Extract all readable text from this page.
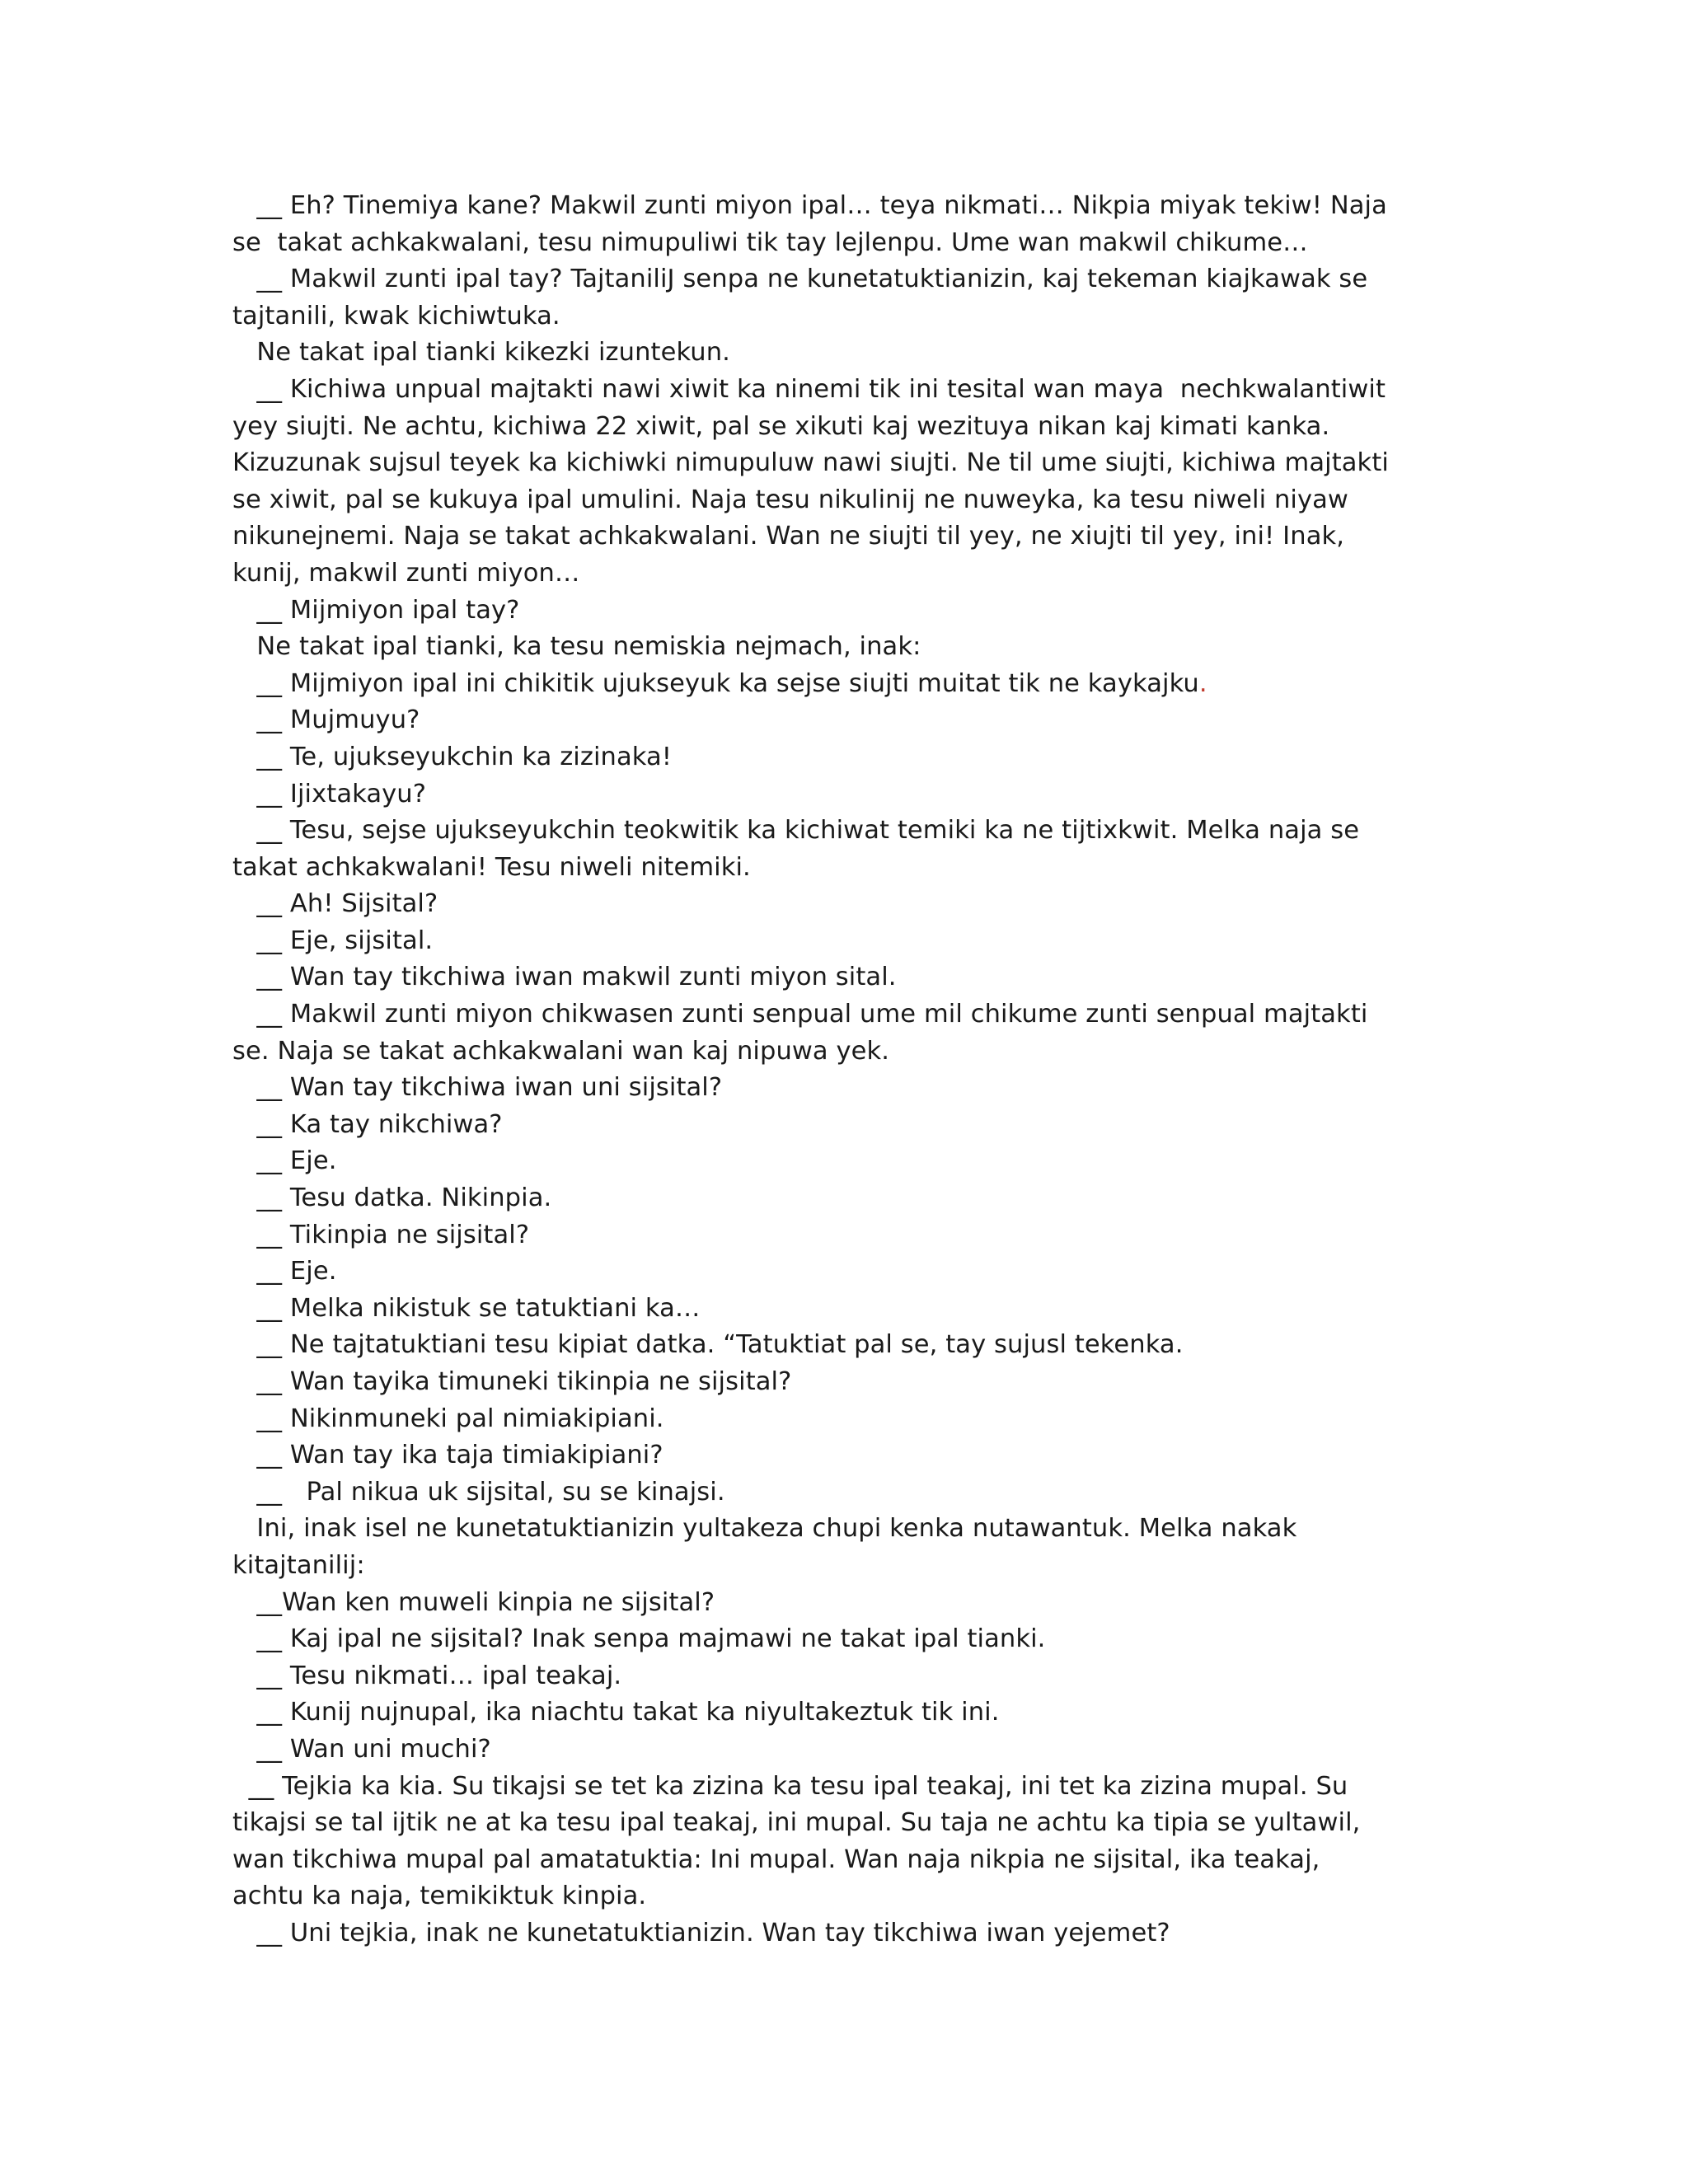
__ Eh? Tinemiya kane? Makwil zunti miyon ipal… teya nikmati… Nikpia miyak tekiw! Naja
se  takat achkakwalani, tesu nimupuliwi tik tay lejlenpu. Ume wan makwil chikume…
__ Makwil zunti ipal tay? TajtaniliJ senpa ne kunetatuktianizin, kaj tekeman kiajkawak se
tajtanili, kwak kichiwtuka.
Ne takat ipal tianki kikezki izuntekun.
__ Kichiwa unpual majtakti nawi xiwit ka ninemi tik ini tesital wan maya  nechkwalantiwit
yey siujti. Ne achtu, kichiwa 22 xiwit, pal se xikuti kaj wezituya nikan kaj kimati kanka.
Kizuzunak sujsul teyek ka kichiwki nimupuluw nawi siujti. Ne til ume siujti, kichiwa majtakti
se xiwit, pal se kukuya ipal umulini. Naja tesu nikulinij ne nuweyka, ka tesu niweli niyaw
nikunejnemi. Naja se takat achkakwalani. Wan ne siujti til yey, ne xiujti til yey, ini! Inak,
kunij, makwil zunti miyon…
__ Mijmiyon ipal tay?
Ne takat ipal tianki, ka tesu nemiskia nejmach, inak:
__ Mijmiyon ipal ini chikitik ujukseyuk ka sejse siujti muitat tik ne kaykajku.
__ Mujmuyu?
__ Te, ujukseyukchin ka zizinaka!
__ Ijixtakayu?
__ Tesu, sejse ujukseyukchin teokwitik ka kichiwat temiki ka ne tijtixkwit. Melka naja se
takat achkakwalani! Tesu niweli nitemiki.
__ Ah! Sijsital?
__ Eje, sijsital.
__ Wan tay tikchiwa iwan makwil zunti miyon sital.
__ Makwil zunti miyon chikwasen zunti senpual ume mil chikume zunti senpual majtakti
se. Naja se takat achkakwalani wan kaj nipuwa yek.
__ Wan tay tikchiwa iwan uni sijsital?
__ Ka tay nikchiwa?
__ Eje.
__ Tesu datka. Nikinpia.
__ Tikinpia ne sijsital?
__ Eje.
__ Melka nikistuk se tatuktiani ka…
__ Ne tajtatuktiani tesu kipiat datka. “Tatuktiat pal se, tay sujusl tekenka.
__ Wan tayika timuneki tikinpia ne sijsital?
__ Nikinmuneki pal nimiakipiani.
__ Wan tay ika taja timiakipiani?
__   Pal nikua uk sijsital, su se kinajsi.
Ini, inak isel ne kunetatuktianizin yultakeza chupi kenka nutawantuk. Melka nakak
kitajtanilij:
__Wan ken muweli kinpia ne sijsital?
__ Kaj ipal ne sijsital? Inak senpa majmawi ne takat ipal tianki.
__ Tesu nikmati… ipal teakaj.
__ Kunij nujnupal, ika niachtu takat ka niyultakeztuk tik ini.
__ Wan uni muchi?
__ Tejkia ka kia. Su tikajsi se tet ka zizina ka tesu ipal teakaj, ini tet ka zizina mupal. Su
tikajsi se tal ijtik ne at ka tesu ipal teakaj, ini mupal. Su taja ne achtu ka tipia se yultawil,
wan tikchiwa mupal pal amatatuktia: Ini mupal. Wan naja nikpia ne sijsital, ika teakaj,
achtu ka naja, temikiktuk kinpia.
__ Uni tejkia, inak ne kunetatuktianizin. Wan tay tikchiwa iwan yejemet?
